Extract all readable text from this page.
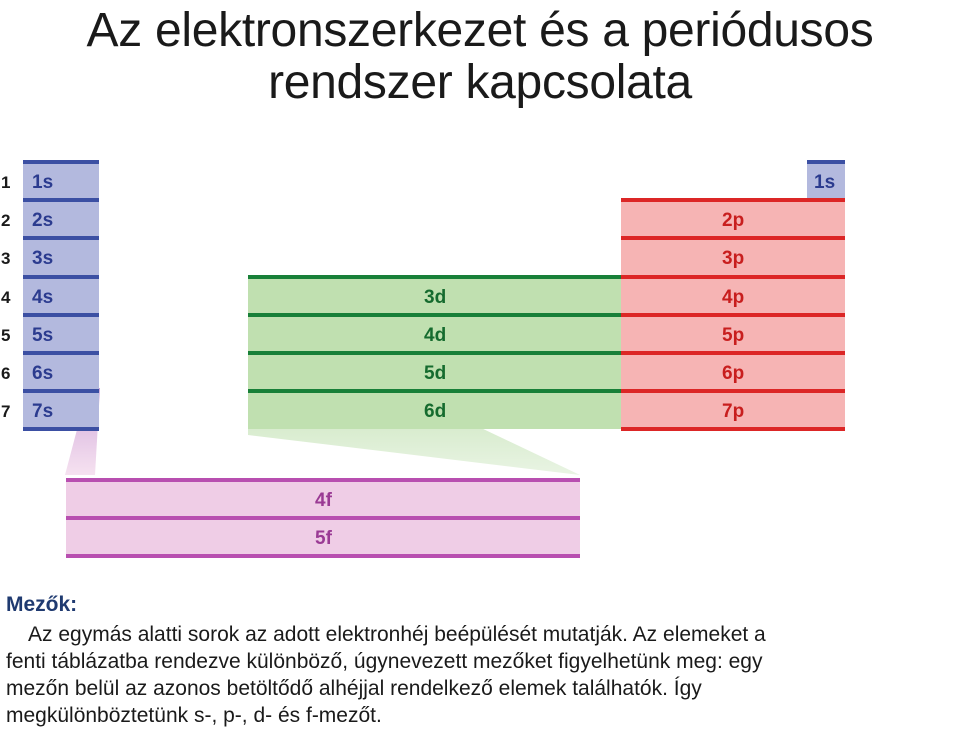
Az elektronszerkezet és a periódusos
rendszer kapcsolata
1
2
3
4
5
6
7
1s
2s
3s
4s
5s
6s
7s
1s
2p
3p
4p
5p
6p
7p
3d
4d
5d
6d
4f
5f
Mezők:
Az egymás alatti sorok az adott elektronhéj beépülését mutatják. Az elemeket a
fenti táblázatba rendezve különböző, úgynevezett mezőket figyelhetünk meg: egy
mezőn belül az azonos betöltődő alhéjjal rendelkező elemek találhatók. Így
megkülönböztetünk s-, p-, d- és f-mezőt.
